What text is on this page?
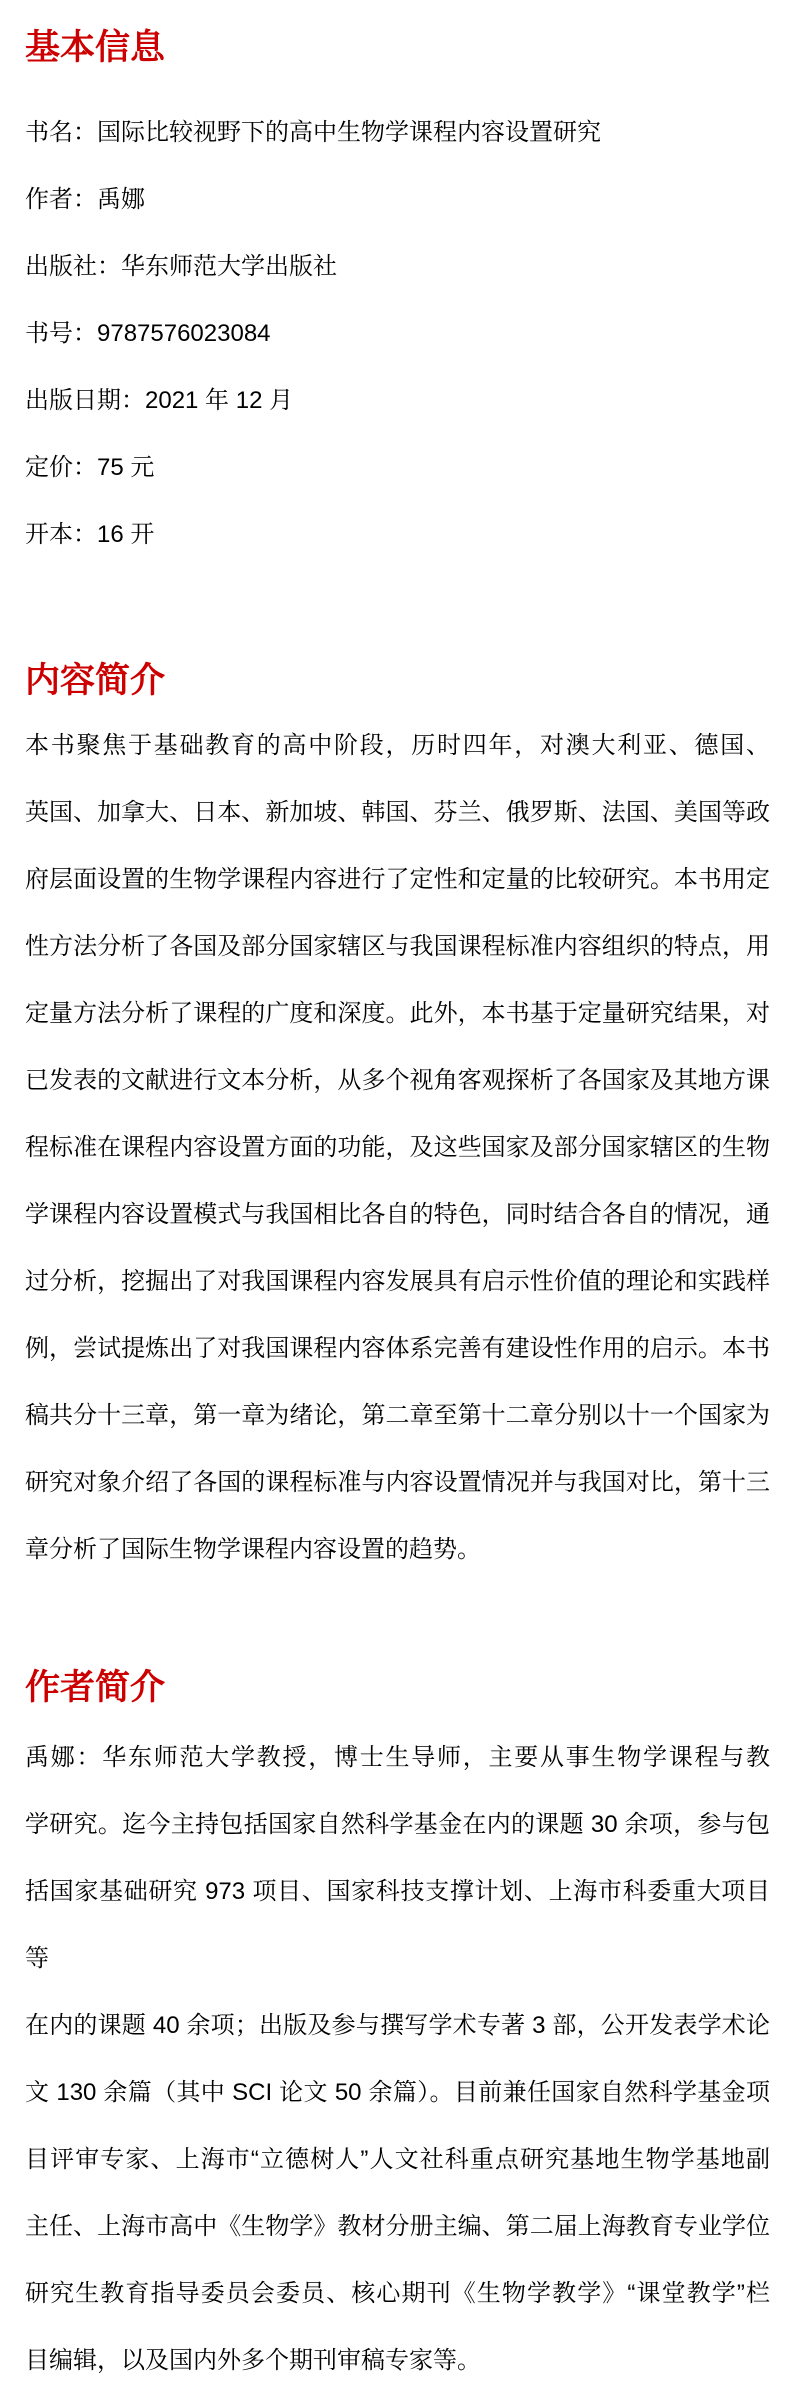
基本信息

书名：国际比较视野下的高中生物学课程内容设置研究

作者：禹娜

出版社：华东师范大学出版社

书号：9787576023084

出版日期：2021 年 12 月

定价：75 元

开本：16 开

内容简介
本书聚焦于基础教育的高中阶段，历时四年，对澳大利亚、德国、
英国、加拿大、日本、新加坡、韩国、芬兰、俄罗斯、法国、美国等政
府层面设置的生物学课程内容进行了定性和定量的比较研究。本书用定
性方法分析了各国及部分国家辖区与我国课程标准内容组织的特点，用
定量方法分析了课程的广度和深度。此外，本书基于定量研究结果，对
已发表的文献进行文本分析，从多个视角客观探析了各国家及其地方课
程标准在课程内容设置方面的功能，及这些国家及部分国家辖区的生物
学课程内容设置模式与我国相比各自的特色，同时结合各自的情况，通
过分析，挖掘出了对我国课程内容发展具有启示性价值的理论和实践样
例，尝试提炼出了对我国课程内容体系完善有建设性作用的启示。本书
稿共分十三章，第一章为绪论，第二章至第十二章分别以十一个国家为
研究对象介绍了各国的课程标准与内容设置情况并与我国对比，第十三
章分析了国际生物学课程内容设置的趋势。
作者简介
禹娜：华东师范大学教授，博士生导师，主要从事生物学课程与教
学研究。迄今主持包括国家自然科学基金在内的课题 30 余项，参与包
括国家基础研究 973 项目、国家科技支撑计划、上海市科委重大项目等
在内的课题 40 余项；出版及参与撰写学术专著 3 部，公开发表学术论
文 130 余篇（其中 SCI 论文 50 余篇）。目前兼任国家自然科学基金项
目评审专家、上海市“立德树人”人文社科重点研究基地生物学基地副
主任、上海市高中《生物学》教材分册主编、第二届上海教育专业学位
研究生教育指导委员会委员、核心期刊《生物学教学》“课堂教学”栏
目编辑，以及国内外多个期刊审稿专家等。
